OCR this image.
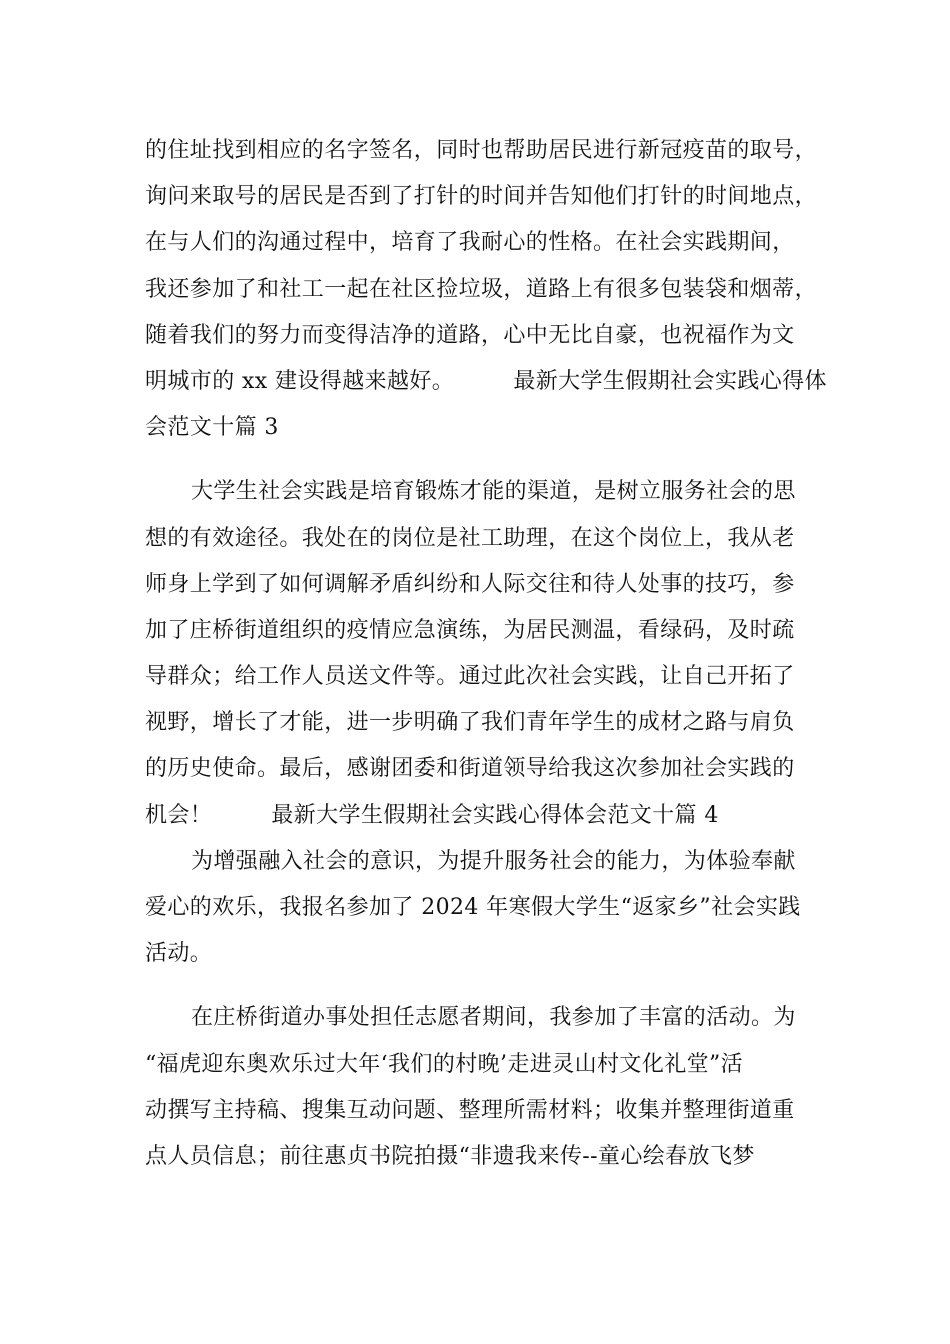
的住址找到相应的名字签名，同时也帮助居民进行新冠疫苗的取号，
询问来取号的居民是否到了打针的时间并告知他们打针的时间地点，
在与人们的沟通过程中，培育了我耐心的性格。在社会实践期间，
我还参加了和社工一起在社区捡垃圾，道路上有很多包装袋和烟蒂，
随着我们的努力而变得洁净的道路，心中无比自豪，也祝福作为文
明城市的 xx 建设得越来越好。        最新大学生假期社会实践心得体
会范文十篇 3
大学生社会实践是培育锻炼才能的渠道，是树立服务社会的思
想的有效途径。我处在的岗位是社工助理，在这个岗位上，我从老
师身上学到了如何调解矛盾纠纷和人际交往和待人处事的技巧，参
加了庄桥街道组织的疫情应急演练，为居民测温，看绿码，及时疏
导群众；给工作人员送文件等。通过此次社会实践，让自己开拓了
视野，增长了才能，进一步明确了我们青年学生的成材之路与肩负
的历史使命。最后，感谢团委和街道领导给我这次参加社会实践的
机会！        最新大学生假期社会实践心得体会范文十篇 4
为增强融入社会的意识，为提升服务社会的能力，为体验奉献
爱心的欢乐，我报名参加了 2024 年寒假大学生“返家乡”社会实践
活动。
在庄桥街道办事处担任志愿者期间，我参加了丰富的活动。为
“福虎迎东奥欢乐过大年‘我们的村晚’走进灵山村文化礼堂”活
动撰写主持稿、搜集互动问题、整理所需材料；收集并整理街道重
点人员信息；前往惠贞书院拍摄“非遗我来传--童心绘春放飞梦
